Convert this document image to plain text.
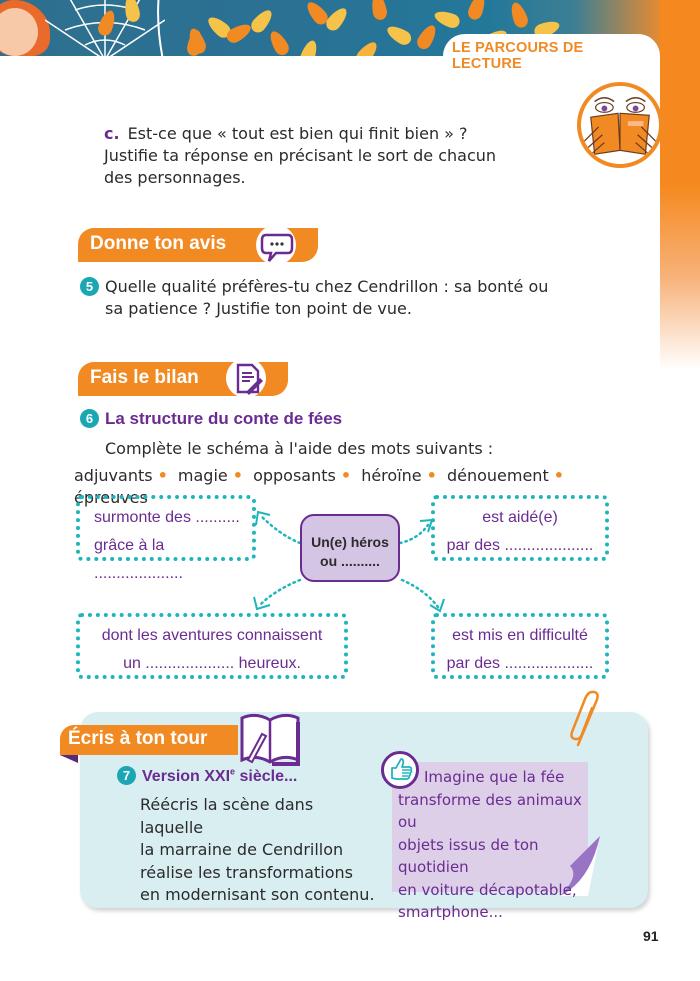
LE PARCOURS DE LECTURE
c. Est-ce que « tout est bien qui finit bien » ?
Justifie ta réponse en précisant le sort de chacun
des personnages.
Donne ton avis
5 Quelle qualité préfères-tu chez Cendrillon : sa bonté ou
sa patience ? Justifie ton point de vue.
Fais le bilan
6 La structure du conte de fées
Complète le schéma à l'aide des mots suivants :
adjuvants • magie • opposants • héroïne • dénouement • épreuves
surmonte des ..........
grâce à la ....................
est aidé(e)
par des ....................
dont les aventures connaissent
un .................... heureux.
est mis en difficulté
par des ....................
Un(e) héros
ou ..........
Écris à ton tour
7 Version XXIe siècle...
Réécris la scène dans laquelle
la marraine de Cendrillon
réalise les transformations
en modernisant son contenu.
Imagine que la fée
transforme des animaux ou
objets issus de ton quotidien
en voiture décapotable,
smartphone...
91
